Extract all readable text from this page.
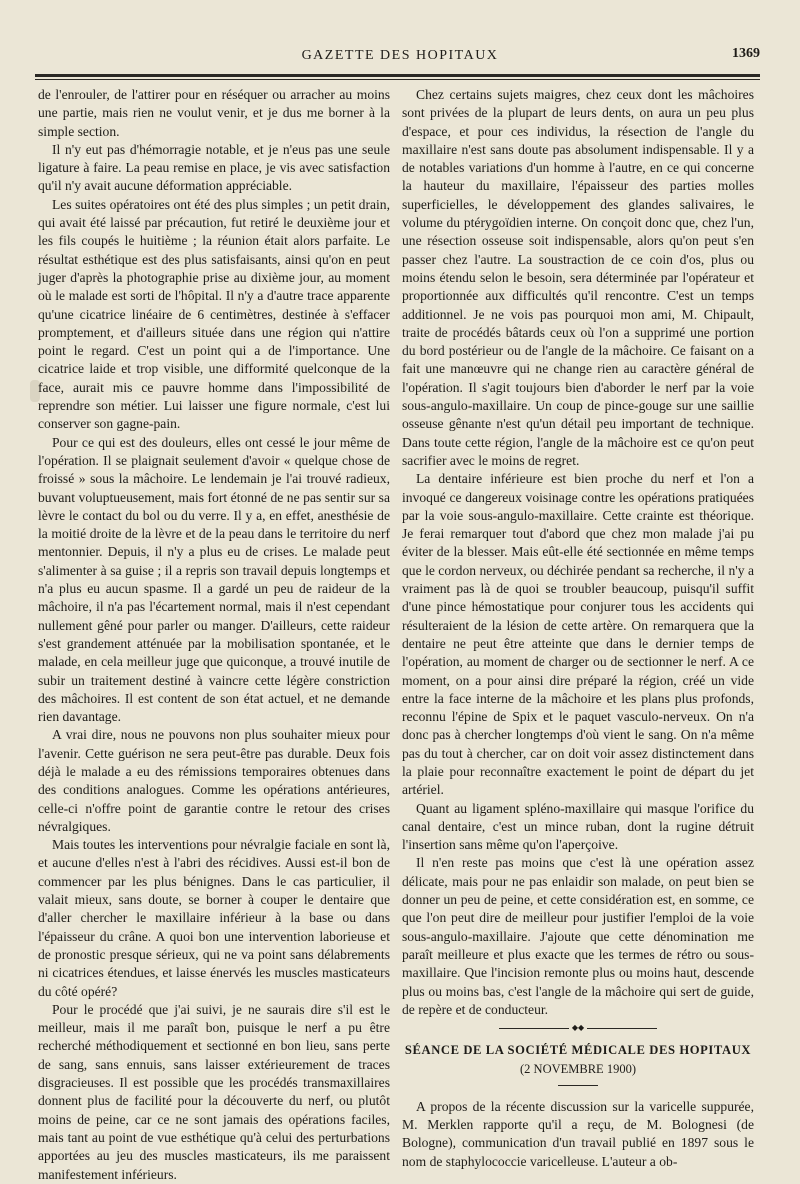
GAZETTE DES HOPITAUX	1369

de l'enrouler, de l'attirer pour en réséquer ou arracher au moins une partie, mais rien ne voulut venir, et je dus me borner à la simple section.

Il n'y eut pas d'hémorragie notable, et je n'eus pas une seule ligature à faire. La peau remise en place, je vis avec satisfaction qu'il n'y avait aucune déformation appréciable.

Les suites opératoires ont été des plus simples ; un petit drain, qui avait été laissé par précaution, fut retiré le deuxième jour et les fils coupés le huitième ; la réunion était alors parfaite. Le résultat esthétique est des plus satisfaisants, ainsi qu'on en peut juger d'après la photographie prise au dixième jour, au moment où le malade est sorti de l'hôpital. Il n'y a d'autre trace apparente qu'une cicatrice linéaire de 6 centimètres, destinée à s'effacer promptement, et d'ailleurs située dans une région qui n'attire point le regard. C'est un point qui a de l'importance. Une cicatrice laide et trop visible, une difformité quelconque de la face, aurait mis ce pauvre homme dans l'impossibilité de reprendre son métier. Lui laisser une figure normale, c'est lui conserver son gagne-pain.

Pour ce qui est des douleurs, elles ont cessé le jour même de l'opération. Il se plaignait seulement d'avoir « quelque chose de froissé » sous la mâchoire. Le lendemain je l'ai trouvé radieux, buvant voluptueusement, mais fort étonné de ne pas sentir sur sa lèvre le contact du bol ou du verre. Il y a, en effet, anesthésie de la moitié droite de la lèvre et de la peau dans le territoire du nerf mentonnier. Depuis, il n'y a plus eu de crises. Le malade peut s'alimenter à sa guise ; il a repris son travail depuis longtemps et n'a plus eu aucun spasme. Il a gardé un peu de raideur de la mâchoire, il n'a pas l'écartement normal, mais il n'est cependant nullement gêné pour parler ou manger. D'ailleurs, cette raideur s'est grandement atténuée par la mobilisation spontanée, et le malade, en cela meilleur juge que quiconque, a trouvé inutile de subir un traitement destiné à vaincre cette légère constriction des mâchoires. Il est content de son état actuel, et ne demande rien davantage.

A vrai dire, nous ne pouvons non plus souhaiter mieux pour l'avenir. Cette guérison ne sera peut-être pas durable. Deux fois déjà le malade a eu des rémissions temporaires obtenues dans des conditions analogues. Comme les opérations antérieures, celle-ci n'offre point de garantie contre le retour des crises névralgiques.

Mais toutes les interventions pour névralgie faciale en sont là, et aucune d'elles n'est à l'abri des récidives. Aussi est-il bon de commencer par les plus bénignes. Dans le cas particulier, il valait mieux, sans doute, se borner à couper le dentaire que d'aller chercher le maxillaire inférieur à la base ou dans l'épaisseur du crâne. A quoi bon une intervention laborieuse et de pronostic presque sérieux, qui ne va point sans délabrements ni cicatrices étendues, et laisse énervés les muscles masticateurs du côté opéré?

Pour le procédé que j'ai suivi, je ne saurais dire s'il est le meilleur, mais il me paraît bon, puisque le nerf a pu être recherché méthodiquement et sectionné en bon lieu, sans perte de sang, sans ennuis, sans laisser extérieurement de traces disgracieuses. Il est possible que les procédés transmaxillaires donnent plus de facilité pour la découverte du nerf, ou plutôt moins de peine, car ce ne sont jamais des opérations faciles, mais tant au point de vue esthétique qu'à celui des perturbations apportées au jeu des muscles masticateurs, ils me paraissent manifestement inférieurs.

Chez certains sujets maigres, chez ceux dont les mâchoires sont privées de la plupart de leurs dents, on aura un peu plus d'espace, et pour ces individus, la résection de l'angle du maxillaire n'est sans doute pas absolument indispensable. Il y a de notables variations d'un homme à l'autre, en ce qui concerne la hauteur du maxillaire, l'épaisseur des parties molles superficielles, le développement des glandes salivaires, le volume du ptérygoïdien interne. On conçoit donc que, chez l'un, une résection osseuse soit indispensable, alors qu'on peut s'en passer chez l'autre. La soustraction de ce coin d'os, plus ou moins étendu selon le besoin, sera déterminée par l'opérateur et proportionnée aux difficultés qu'il rencontre. C'est un temps additionnel. Je ne vois pas pourquoi mon ami, M. Chipault, traite de procédés bâtards ceux où l'on a supprimé une portion du bord postérieur ou de l'angle de la mâchoire. Ce faisant on a fait une manœuvre qui ne change rien au caractère général de l'opération. Il s'agit toujours bien d'aborder le nerf par la voie sous-angulo-maxillaire. Un coup de pince-gouge sur une saillie osseuse gênante n'est qu'un détail peu important de technique. Dans toute cette région, l'angle de la mâchoire est ce qu'on peut sacrifier avec le moins de regret.

La dentaire inférieure est bien proche du nerf et l'on a invoqué ce dangereux voisinage contre les opérations pratiquées par la voie sous-angulo-maxillaire. Cette crainte est théorique. Je ferai remarquer tout d'abord que chez mon malade j'ai pu éviter de la blesser. Mais eût-elle été sectionnée en même temps que le cordon nerveux, ou déchirée pendant sa recherche, il n'y a vraiment pas là de quoi se troubler beaucoup, puisqu'il suffit d'une pince hémostatique pour conjurer tous les accidents qui résulteraient de la lésion de cette artère. On remarquera que la dentaire ne peut être atteinte que dans le dernier temps de l'opération, au moment de charger ou de sectionner le nerf. A ce moment, on a pour ainsi dire préparé la région, créé un vide entre la face interne de la mâchoire et les plans plus profonds, reconnu l'épine de Spix et le paquet vasculo-nerveux. On n'a donc pas à chercher longtemps d'où vient le sang. On n'a même pas du tout à chercher, car on doit voir assez distinctement dans la plaie pour reconnaître exactement le point de départ du jet artériel.

Quant au ligament spléno-maxillaire qui masque l'orifice du canal dentaire, c'est un mince ruban, dont la rugine détruit l'insertion sans même qu'on l'aperçoive.

Il n'en reste pas moins que c'est là une opération assez délicate, mais pour ne pas enlaidir son malade, on peut bien se donner un peu de peine, et cette considération est, en somme, ce que l'on peut dire de meilleur pour justifier l'emploi de la voie sous-angulo-maxillaire. J'ajoute que cette dénomination me paraît meilleure et plus exacte que les termes de rétro ou sous-maxillaire. Que l'incision remonte plus ou moins haut, descende plus ou moins bas, c'est l'angle de la mâchoire qui sert de guide, de repère et de conducteur.

◆◆
SÉANCE DE LA SOCIÉTÉ MÉDICALE DES HOPITAUX
(2 NOVEMBRE 1900)

A propos de la récente discussion sur la varicelle suppurée, M. Merklen rapporte qu'il a reçu, de M. Bolognesi (de Bologne), communication d'un travail publié en 1897 sous le nom de staphylococcie varicelleuse. L'auteur a ob-
